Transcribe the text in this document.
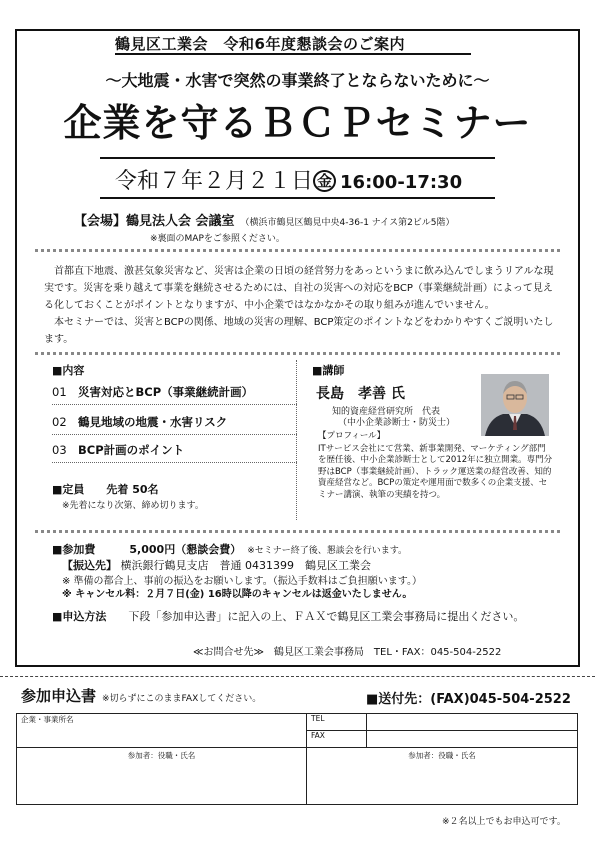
鶴見区工業会　令和6年度懇談会のご案内
～大地震・水害で突然の事業終了とならないために～
企業を守るＢＣＰセミナー
令和７年２月２１日 金 16:00-17:30
【会場】鶴見法人会 会議室 （横浜市鶴見区鶴見中央4-36-1 ナイス第2ビル5階）
※裏面のMAPをご参照ください。

首都直下地震、激甚気象災害など、災害は企業の日頃の経営努力をあっというまに飲み込んでしまうリアルな現実です。災害を乗り越えて事業を継続させるためには、自社の災害への対応をBCP（事業継続計画）によって見える化しておくことがポイントとなりますが、中小企業ではなかなかその取り組みが進んでいません。

本セミナーでは、災害とBCPの関係、地域の災害の理解、BCP策定のポイントなどをわかりやすくご説明いたします。

■内容
01 災害対応とBCP（事業継続計画）
02 鶴見地域の地震・水害リスク
03 BCP計画のポイント
■定員 先着 50名
※先着になり次第、締め切ります。
■講師
長島　孝善 氏
知的資産経営研究所　代表
（中小企業診断士・防災士）
【プロフィール】
ITサービス会社にて営業、新事業開発、マーケティング部門を歴任後、中小企業診断士として2012年に独立開業。専門分野はBCP（事業継続計画）、トラック運送業の経営改善、知的資産経営など。BCPの策定や運用面で数多くの企業支援、セミナー講演、執筆の実績を持つ。
■参加費	5,000円（懇談会費） ※セミナー終了後、懇談会を行います。
【振込先】 横浜銀行鶴見支店　普通 0431399　鶴見区工業会
※ 準備の都合上、事前の振込をお願いします。（振込手数料はご負担願います。）
※ キャンセル料：２月７日(金) 16時以降のキャンセルは返金いたしません。
■申込方法 下段「参加申込書」に記入の上、ＦＡＸで鶴見区工業会事務局に提出ください。
≪お問合せ先≫　鶴見区工業会事務局　TEL・FAX：045-504-2522
参加申込書 ※切らずにこのままFAXしてください。	■送付先：(FAX)045-504-2522
企業・事業所名	TEL	
	FAX	
参加者：役職・氏名	参加者：役職・氏名	
※２名以上でもお申込可です。
